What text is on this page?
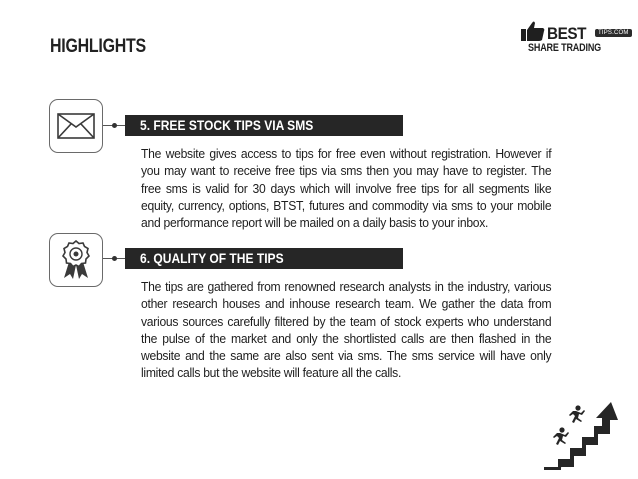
HIGHLIGHTS
BEST	TIPS.COM
SHARE TRADING
5. FREE STOCK TIPS VIA SMS

The website gives access to tips for free even without registration. However if you may want to receive free tips via sms then you may have to register. The free sms is valid for 30 days which will involve free tips for all segments like equity, currency, options, BTST, futures and commodity via sms to your mobile and performance report will be mailed on a daily basis to your inbox.

6. QUALITY OF THE TIPS

The tips are gathered from renowned research analysts in the industry, various other research houses and inhouse research team. We gather the data from various sources carefully filtered by the team of stock experts who understand the pulse of the market and only the shortlisted calls are then flashed in the website and the same are also sent via sms. The sms service will have only limited calls but the website will feature all the calls.
